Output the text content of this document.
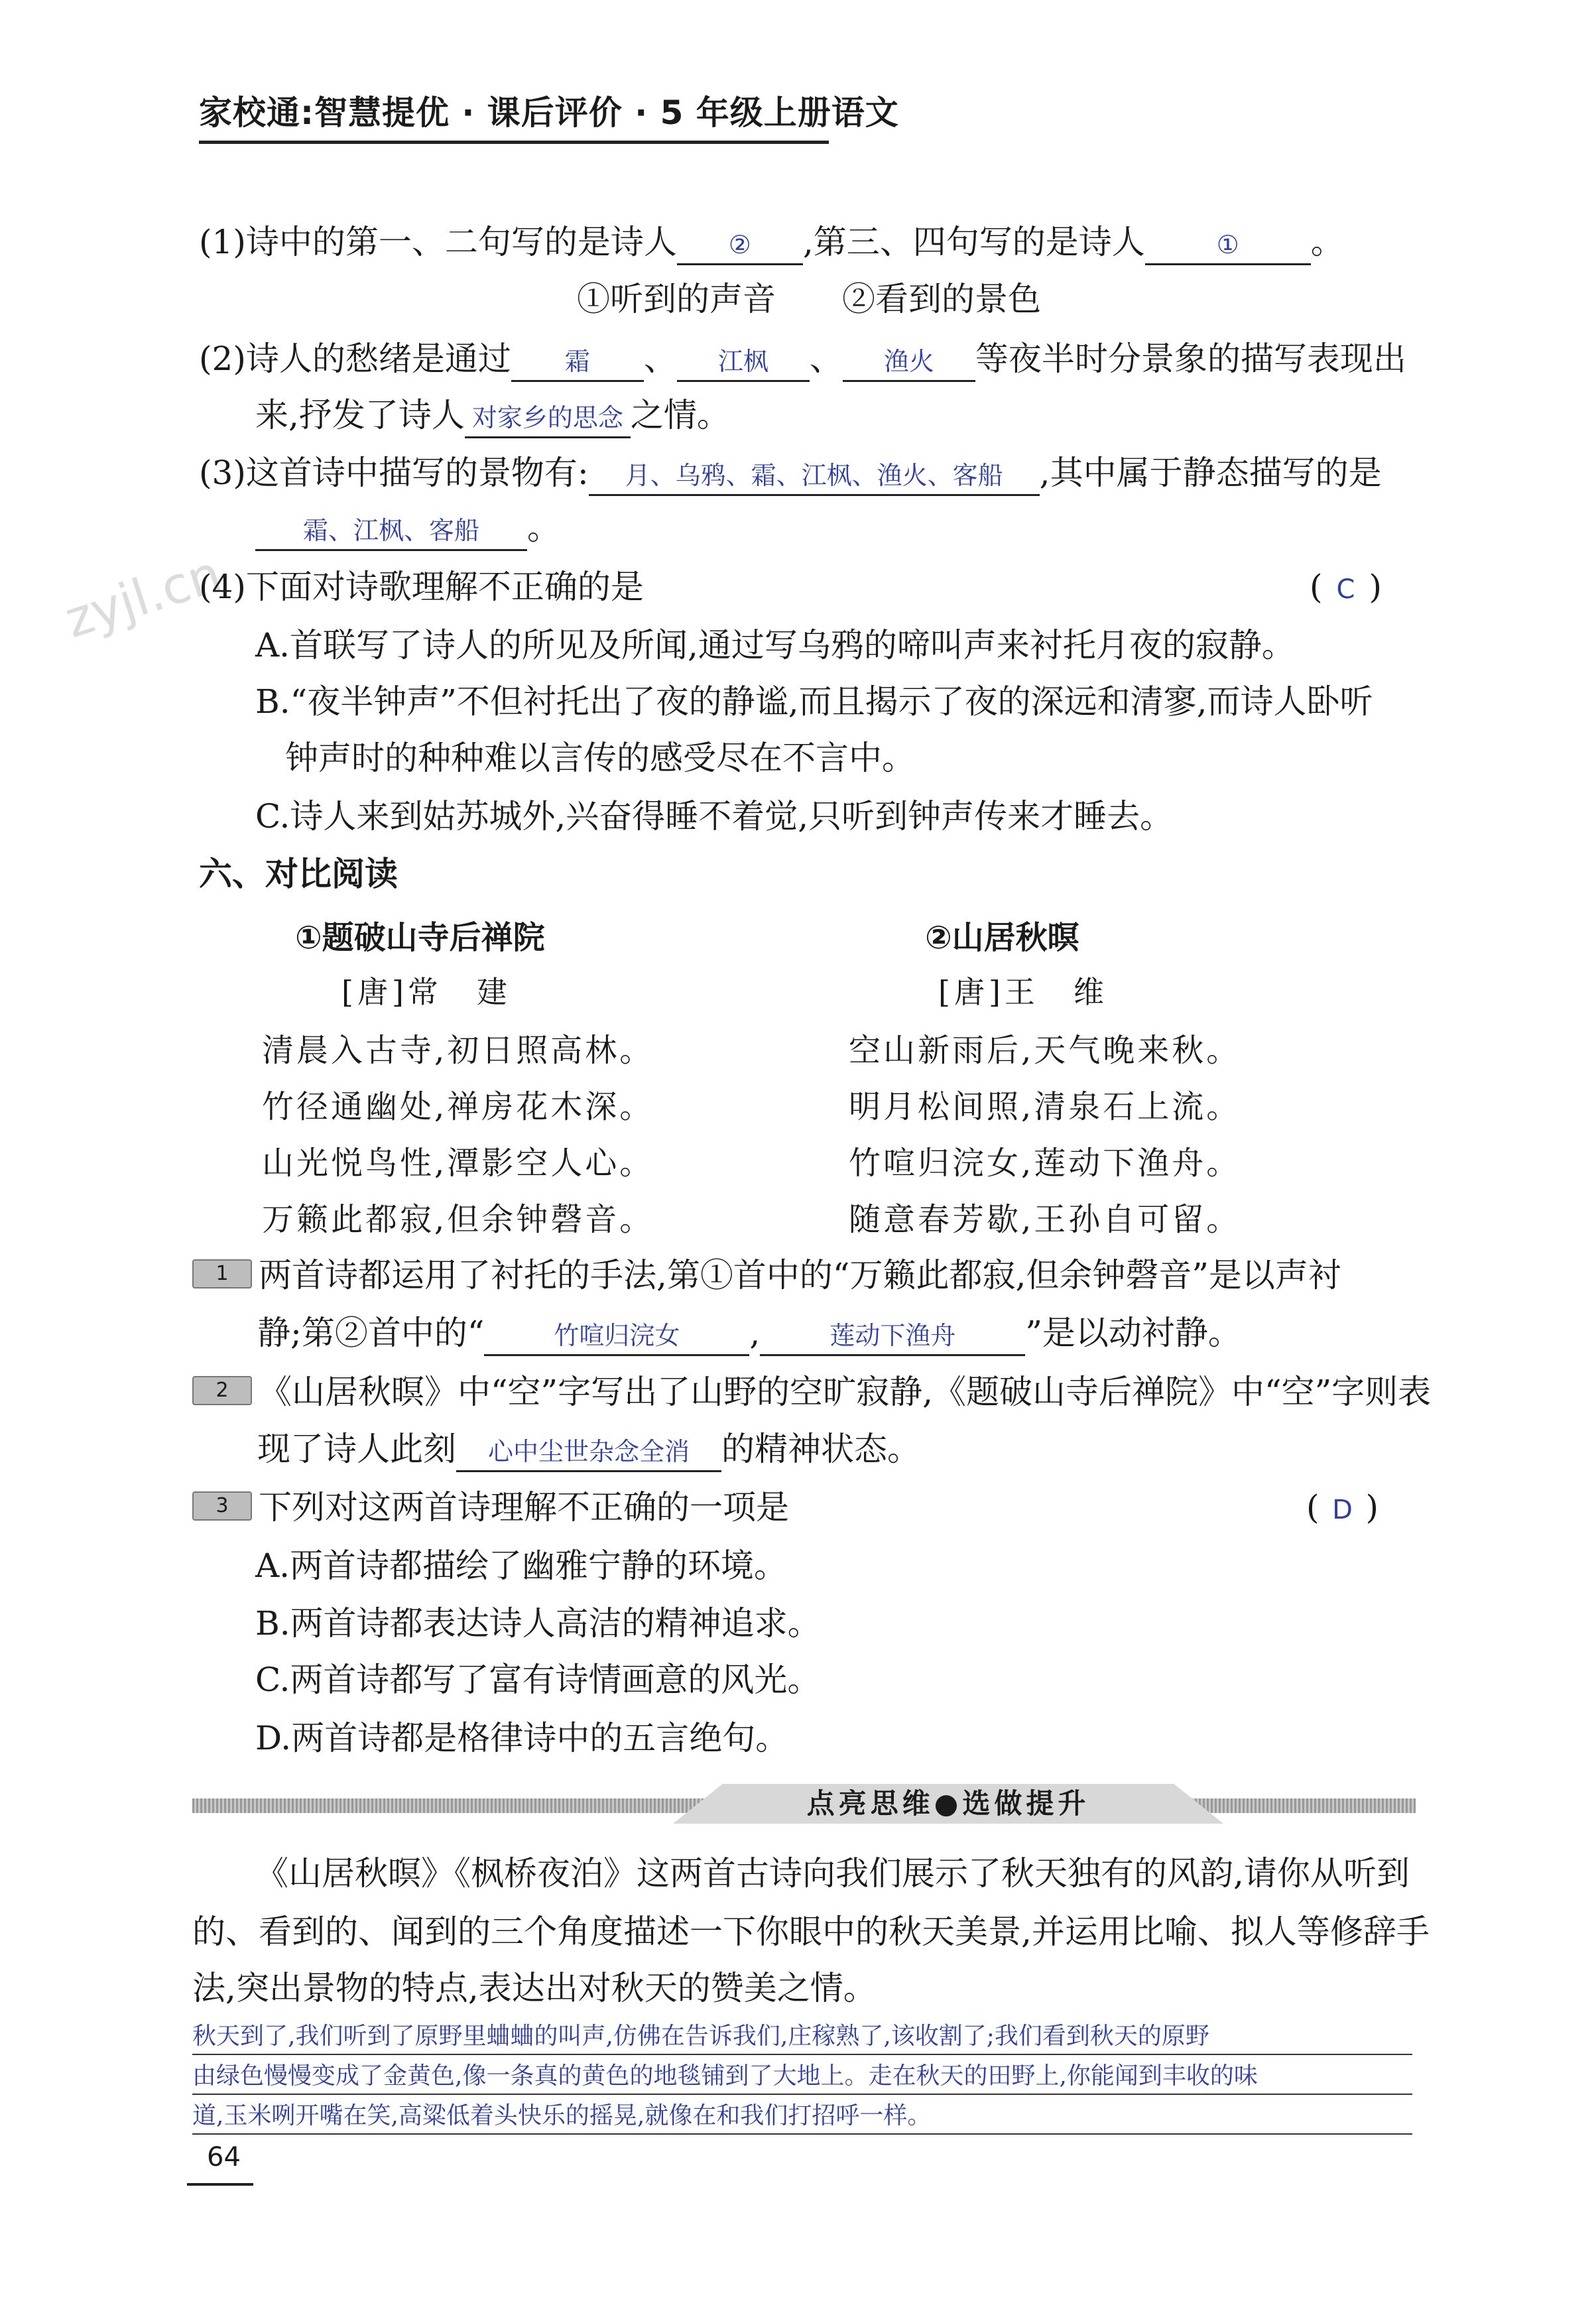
家校通:智慧提优 · 课后评价 · 5 年级上册语文
zyjl.cn
(1)诗中的第一、二句写的是诗人 ② ,第三、四句写的是诗人	① 。
①听到的声音　　②看到的景色
(2)诗人的愁绪是通过 霜 、 江枫 、 渔火 等夜半时分景象的描写表现出
来,抒发了诗人 对家乡的思念 之情。
(3)这首诗中描写的景物有: 月、乌鸦、霜、江枫、渔火、客船 ,其中属于静态描写的是
霜、江枫、客船 。
(4)下面对诗歌理解不正确的是	( C )
A.首联写了诗人的所见及所闻,通过写乌鸦的啼叫声来衬托月夜的寂静。
B.“夜半钟声”不但衬托出了夜的静谧,而且揭示了夜的深远和清寥,而诗人卧听
钟声时的种种难以言传的感受尽在不言中。
C.诗人来到姑苏城外,兴奋得睡不着觉,只听到钟声传来才睡去。
六、对比阅读
①题破山寺后禅院
[唐]常　建
清晨入古寺,初日照高林。
竹径通幽处,禅房花木深。
山光悦鸟性,潭影空人心。
万籁此都寂,但余钟磬音。
②山居秋暝
[唐]王　维
空山新雨后,天气晚来秋。
明月松间照,清泉石上流。
竹喧归浣女,莲动下渔舟。
随意春芳歇,王孙自可留。
1 两首诗都运用了衬托的手法,第①首中的“万籁此都寂,但余钟磬音”是以声衬
静;第②首中的“	竹喧归浣女 ,	莲动下渔舟 ”是以动衬静。
2 《山居秋暝》中“空”字写出了山野的空旷寂静,《题破山寺后禅院》中“空”字则表
现了诗人此刻 心中尘世杂念全消 的精神状态。
3 下列对这两首诗理解不正确的一项是	( D )
A.两首诗都描绘了幽雅宁静的环境。
B.两首诗都表达诗人高洁的精神追求。
C.两首诗都写了富有诗情画意的风光。
D.两首诗都是格律诗中的五言绝句。
点亮思维●选做提升
《山居秋暝》《枫桥夜泊》这两首古诗向我们展示了秋天独有的风韵,请你从听到
的、看到的、闻到的三个角度描述一下你眼中的秋天美景,并运用比喻、拟人等修辞手
法,突出景物的特点,表达出对秋天的赞美之情。
秋天到了,我们听到了原野里蛐蛐的叫声,仿佛在告诉我们,庄稼熟了,该收割了;我们看到秋天的原野
由绿色慢慢变成了金黄色,像一条真的黄色的地毯铺到了大地上。走在秋天的田野上,你能闻到丰收的味
道,玉米咧开嘴在笑,高粱低着头快乐的摇晃,就像在和我们打招呼一样。
64
